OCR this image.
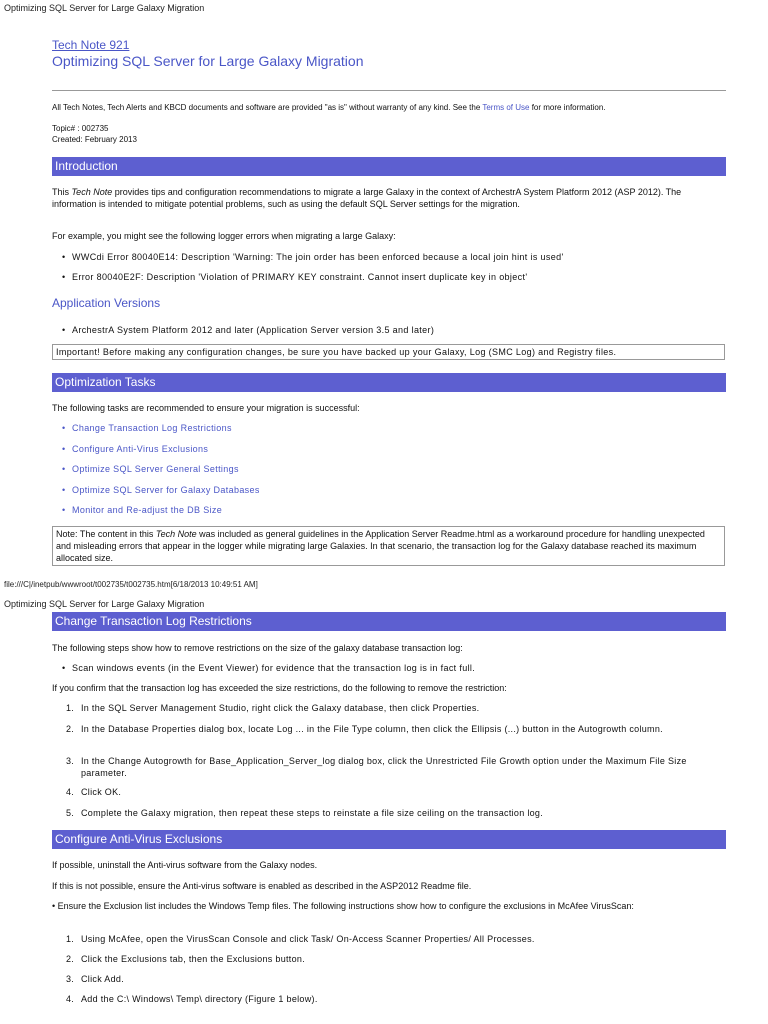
Optimizing SQL Server for Large Galaxy Migration
Tech Note 921
Optimizing SQL Server for Large Galaxy Migration
All Tech Notes, Tech Alerts and KBCD documents and software are provided "as is" without warranty of any kind. See the Terms of Use for more information.
Topic# : 002735
Created: February 2013
Introduction
This Tech Note provides tips and configuration recommendations to migrate a large Galaxy in the context of ArchestrA System Platform 2012 (ASP 2012). The information is intended to mitigate potential problems, such as using the default SQL Server settings for the migration.
For example, you might see the following logger errors when migrating a large Galaxy:
• WWCdi Error 80040E14: Description 'Warning: The join order has been enforced because a local join hint is used'
• Error 80040E2F: Description 'Violation of PRIMARY KEY constraint. Cannot insert duplicate key in object'
Application Versions
• ArchestrA System Platform 2012 and later (Application Server version 3.5 and later)
Important! Before making any configuration changes, be sure you have backed up your Galaxy, Log (SMC Log) and Registry files.
Optimization Tasks
The following tasks are recommended to ensure your migration is successful:
• Change Transaction Log Restrictions
• Configure Anti-Virus Exclusions
• Optimize SQL Server General Settings
• Optimize SQL Server for Galaxy Databases
• Monitor and Re-adjust the DB Size
Note: The content in this Tech Note was included as general guidelines in the Application Server Readme.html as a workaround procedure for handling unexpected and misleading errors that appear in the logger while migrating large Galaxies. In that scenario, the transaction log for the Galaxy database reached its maximum allocated size.
file:///C|/inetpub/wwwroot/t002735/t002735.htm[6/18/2013 10:49:51 AM]
Optimizing SQL Server for Large Galaxy Migration
Change Transaction Log Restrictions
The following steps show how to remove restrictions on the size of the galaxy database transaction log:
• Scan windows events (in the Event Viewer) for evidence that the transaction log is in fact full.
If you confirm that the transaction log has exceeded the size restrictions, do the following to remove the restriction:
1. In the SQL Server Management Studio, right click the Galaxy database, then click Properties.
2. In the Database Properties dialog box, locate Log ... in the File Type column, then click the Ellipsis (...) button in the Autogrowth column.
3. In the Change Autogrowth for Base_Application_Server_log dialog box, click the Unrestricted File Growth option under the Maximum File Size parameter.
4. Click OK.
5. Complete the Galaxy migration, then repeat these steps to reinstate a file size ceiling on the transaction log.
Configure Anti-Virus Exclusions
If possible, uninstall the Anti-virus software from the Galaxy nodes.
If this is not possible, ensure the Anti-virus software is enabled as described in the ASP2012 Readme file.
• Ensure the Exclusion list includes the Windows Temp files. The following instructions show how to configure the exclusions in McAfee VirusScan:
1. Using McAfee, open the VirusScan Console and click Task/ On-Access Scanner Properties/ All Processes.
2. Click the Exclusions tab, then the Exclusions button.
3. Click Add.
4. Add the C:\ Windows\ Temp\ directory (Figure 1 below).
